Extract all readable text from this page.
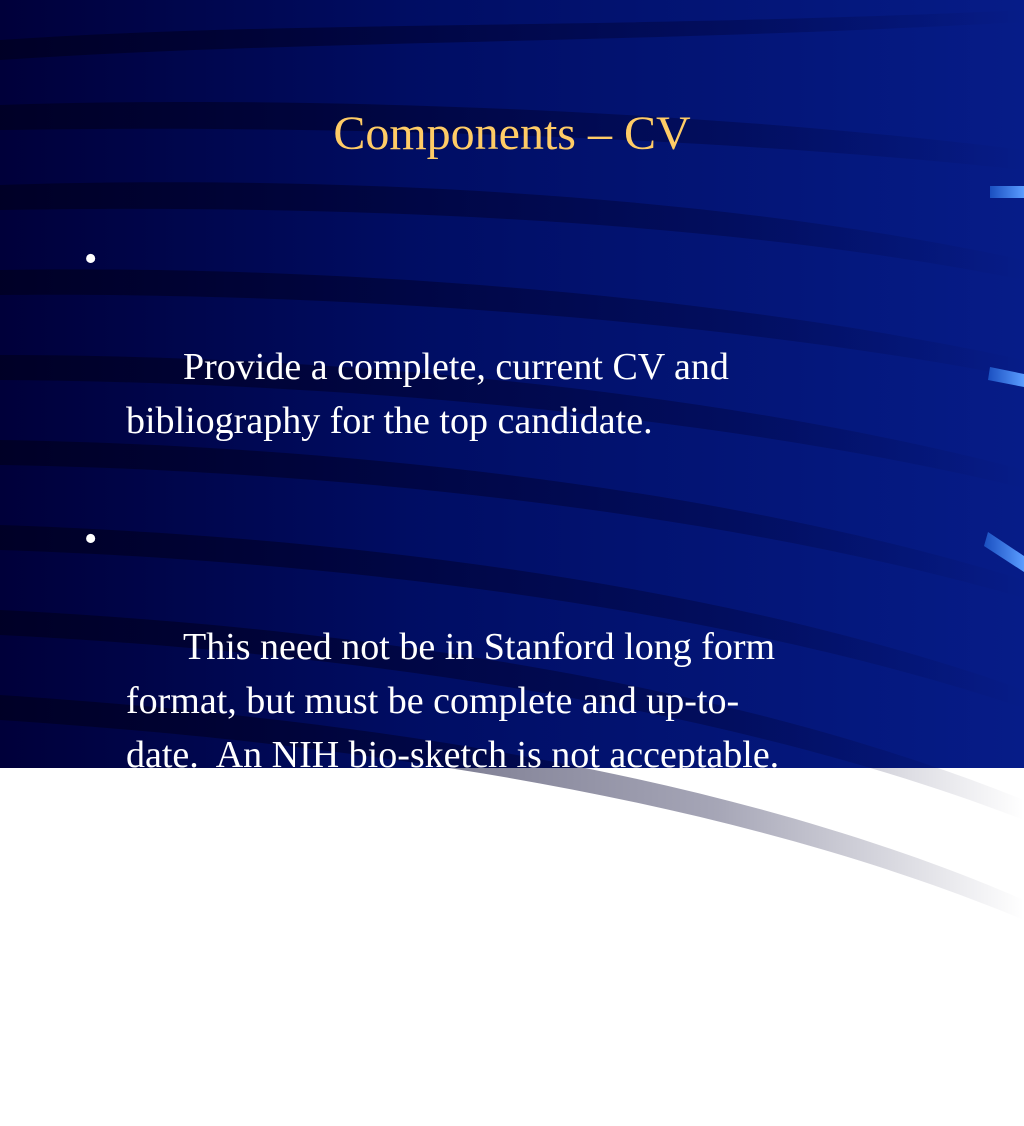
Components – CV

•

Provide a complete, current CV and
bibliography for the top candidate.

•

This need not be in Stanford long form
format, but must be complete and up-to-
date.  An NIH bio-sketch is not acceptable.

•

Include all submitted manuscripts and
grants.
